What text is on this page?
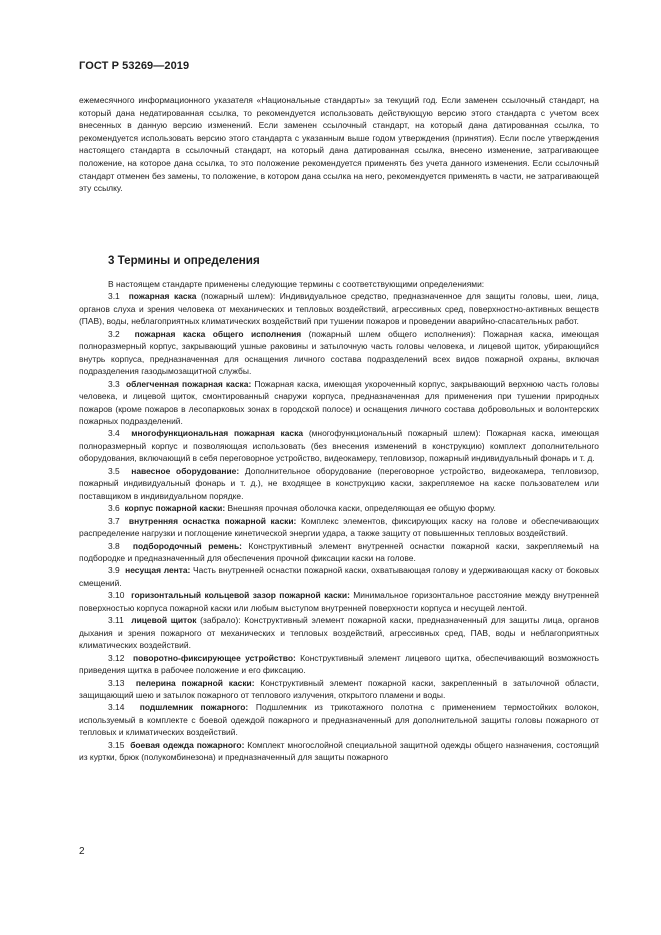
ГОСТ Р 53269—2019

ежемесячного информационного указателя «Национальные стандарты» за текущий год. Если заменен ссылочный стандарт, на который дана недатированная ссылка, то рекомендуется использовать действующую версию этого стандарта с учетом всех внесенных в данную версию изменений. Если заменен ссылочный стандарт, на который дана датированная ссылка, то рекомендуется использовать версию этого стандарта с указанным выше годом утверждения (принятия). Если после утверждения настоящего стандарта в ссылочный стандарт, на который дана датированная ссылка, внесено изменение, затрагивающее положение, на которое дана ссылка, то это положение рекомендуется применять без учета данного изменения. Если ссылочный стандарт отменен без замены, то положение, в котором дана ссылка на него, рекомендуется применять в части, не затрагивающей эту ссылку.

3 Термины и определения

В настоящем стандарте применены следующие термины с соответствующими определениями:

3.1 пожарная каска (пожарный шлем): Индивидуальное средство, предназначенное для защиты головы, шеи, лица, органов слуха и зрения человека от механических и тепловых воздействий, агрессивных сред, поверхностно-активных веществ (ПАВ), воды, неблагоприятных климатических воздействий при тушении пожаров и проведении аварийно-спасательных работ.

3.2 пожарная каска общего исполнения (пожарный шлем общего исполнения): Пожарная каска, имеющая полноразмерный корпус, закрывающий ушные раковины и затылочную часть головы человека, и лицевой щиток, убирающийся внутрь корпуса, предназначенная для оснащения личного состава подразделений всех видов пожарной охраны, включая подразделения газодымозащитной службы.

3.3 облегченная пожарная каска: Пожарная каска, имеющая укороченный корпус, закрывающий верхнюю часть головы человека, и лицевой щиток, смонтированный снаружи корпуса, предназначенная для применения при тушении природных пожаров (кроме пожаров в лесопарковых зонах в городской полосе) и оснащения личного состава добровольных и волонтерских пожарных подразделений.

3.4 многофункциональная пожарная каска (многофункциональный пожарный шлем): Пожарная каска, имеющая полноразмерный корпус и позволяющая использовать (без внесения изменений в конструкцию) комплект дополнительного оборудования, включающий в себя переговорное устройство, видеокамеру, тепловизор, пожарный индивидуальный фонарь и т. д.

3.5 навесное оборудование: Дополнительное оборудование (переговорное устройство, видеокамера, тепловизор, пожарный индивидуальный фонарь и т. д.), не входящее в конструкцию каски, закрепляемое на каске пользователем или поставщиком в индивидуальном порядке.

3.6 корпус пожарной каски: Внешняя прочная оболочка каски, определяющая ее общую форму.

3.7 внутренняя оснастка пожарной каски: Комплекс элементов, фиксирующих каску на голове и обеспечивающих распределение нагрузки и поглощение кинетической энергии удара, а также защиту от повышенных тепловых воздействий.

3.8 подбородочный ремень: Конструктивный элемент внутренней оснастки пожарной каски, закрепляемый на подбородке и предназначенный для обеспечения прочной фиксации каски на голове.

3.9 несущая лента: Часть внутренней оснастки пожарной каски, охватывающая голову и удерживающая каску от боковых смещений.

3.10 горизонтальный кольцевой зазор пожарной каски: Минимальное горизонтальное расстояние между внутренней поверхностью корпуса пожарной каски или любым выступом внутренней поверхности корпуса и несущей лентой.

3.11 лицевой щиток (забрало): Конструктивный элемент пожарной каски, предназначенный для защиты лица, органов дыхания и зрения пожарного от механических и тепловых воздействий, агрессивных сред, ПАВ, воды и неблагоприятных климатических воздействий.

3.12 поворотно-фиксирующее устройство: Конструктивный элемент лицевого щитка, обеспечивающий возможность приведения щитка в рабочее положение и его фиксацию.

3.13 пелерина пожарной каски: Конструктивный элемент пожарной каски, закрепленный в затылочной области, защищающий шею и затылок пожарного от теплового излучения, открытого пламени и воды.

3.14 подшлемник пожарного: Подшлемник из трикотажного полотна с применением термостойких волокон, используемый в комплекте с боевой одеждой пожарного и предназначенный для дополнительной защиты головы пожарного от тепловых и климатических воздействий.

3.15 боевая одежда пожарного: Комплект многослойной специальной защитной одежды общего назначения, состоящий из куртки, брюк (полукомбинезона) и предназначенный для защиты пожарного

2
